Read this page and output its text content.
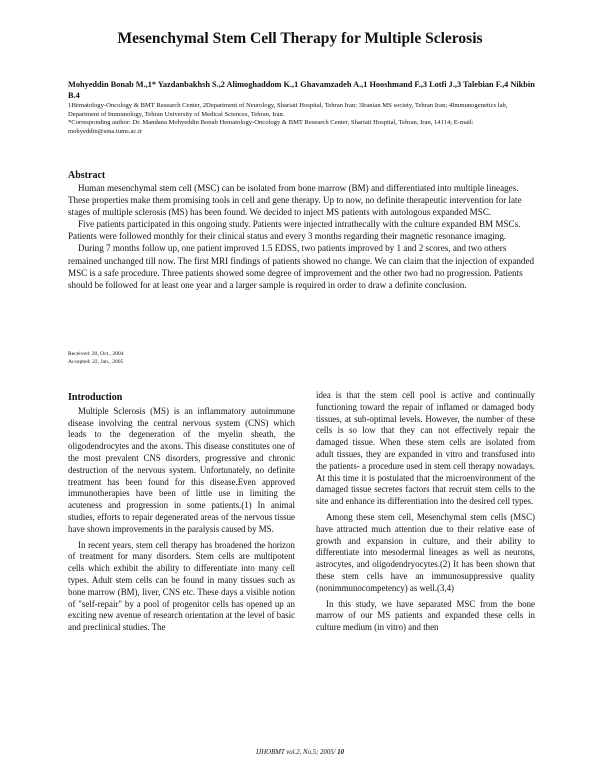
Mesenchymal Stem Cell Therapy for Multiple Sclerosis
Mohyeddin Bonab M.,1* Yazdanbakhsh S.,2 Alimoghaddom K.,1 Ghavamzadeh A.,1 Hooshmand F.,3 Lotfi J.,3 Talebian F.,4 Nikbin B.4
1Hematology-Oncology & BMT Research Center, 2Department of Neurology, Shariati Hospital, Tehran Iran; 3Iranian MS society, Tehran Iran; 4Immunogenetics lab, Department of Immunology, Tehran University of Medical Sciences, Tehran, Iran.
*Corresponding author: Dr. Mandana Mohyeddin Bonab Hematology-Oncology & BMT Research Center, Shariati Hospital, Tehran, Iran, 14114; E-mail: mohyeddin@sina.tums.ac.ir
Abstract

Human mesenchymal stem cell (MSC) can be isolated from bone marrow (BM) and differentiated into multiple lineages. These properties make them promising tools in cell and gene therapy. Up to now, no definite therapeutic intervention for late stages of multiple sclerosis (MS) has been found. We decided to inject MS patients with autologous expanded MSC.

Five patients participated in this ongoing study. Patients were injected intrathecally with the culture expanded BM MSCs. Patients were followed monthly for their clinical status and every 3 months regarding their magnetic resonance imaging.

During 7 months follow up, one patient improved 1.5 EDSS, two patients improved by 1 and 2 scores, and two others remained unchanged till now. The first MRI findings of patients showed no change. We can claim that the injection of expanded MSC is a safe procedure. Three patients showed some degree of improvement and the other two had no progression. Patients should be followed for at least one year and a larger sample is required in order to draw a definite conclusion.

Received: 20, Oct., 2004
Accepted: 22, Jan., 2005
Introduction

Multiple Sclerosis (MS) is an inflammatory autoimmune disease involving the central nervous system (CNS) which leads to the degeneration of the myelin sheath, the oligodendrocytes and the axons. This disease constitutes one of the most prevalent CNS disorders, progressive and chronic destruction of the nervous system. Unfortunately, no definite treatment has been found for this disease.Even approved immunotherapies have been of little use in limiting the acuteness and progression in some patients.(1) In animal studies, efforts to repair degenerated areas of the nervous tissue have shown improvements in the paralysis caused by MS.

In recent years, stem cell therapy has broadened the horizon of treatment for many disorders. Stem cells are multipotent cells which exhibit the ability to differentiate into many cell types. Adult stem cells can be found in many tissues such as bone marrow (BM), liver, CNS etc. These days a visible notion of "self-repair" by a pool of progenitor cells has opened up an exciting new avenue of research orientation at the level of basic and preclinical studies. The

idea is that the stem cell pool is active and continually functioning toward the repair of inflamed or damaged body tissues, at sub-optimal levels. However, the number of these cells is so low that they can not effectively repair the damaged tissue. When these stem cells are isolated from adult tissues, they are expanded in vitro and transfused into the patients- a procedure used in stem cell therapy nowadays. At this time it is postulated that the microenvironment of the damaged tissue secretes factors that recruit stem cells to the site and enhance its differentiation into the desired cell types.

Among these stem cell, Mesenchymal stem cells (MSC) have attracted much attention due to their relative ease of growth and expansion in culture, and their ability to differentiate into mesodermal lineages as well as neurons, astrocytes, and oligodendryocytes.(2) It has been shown that these stem cells have an immunosuppressive quality (nonimmunocompetency) as well.(3,4)

In this study, we have separated MSC from the bone marrow of our MS patients and expanded these cells in culture medium (in vitro) and then

IJHOBMT vol.2, No.5; 2005/ 10
